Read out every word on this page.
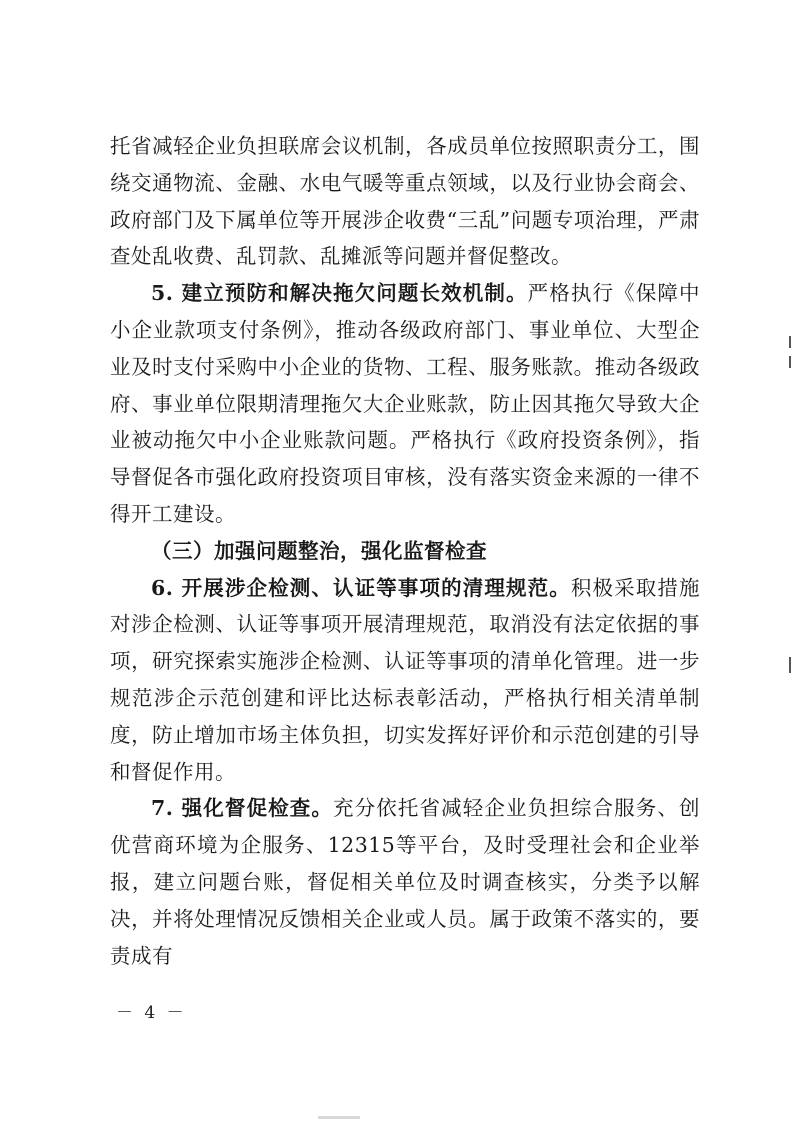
托省减轻企业负担联席会议机制，各成员单位按照职责分工，围绕交通物流、金融、水电气暖等重点领域，以及行业协会商会、政府部门及下属单位等开展涉企收费“三乱”问题专项治理，严肃查处乱收费、乱罚款、乱摊派等问题并督促整改。

5. 建立预防和解决拖欠问题长效机制。严格执行《保障中小企业款项支付条例》，推动各级政府部门、事业单位、大型企业及时支付采购中小企业的货物、工程、服务账款。推动各级政府、事业单位限期清理拖欠大企业账款，防止因其拖欠导致大企业被动拖欠中小企业账款问题。严格执行《政府投资条例》，指导督促各市强化政府投资项目审核，没有落实资金来源的一律不得开工建设。

（三）加强问题整治，强化监督检查

6. 开展涉企检测、认证等事项的清理规范。积极采取措施对涉企检测、认证等事项开展清理规范，取消没有法定依据的事项，研究探索实施涉企检测、认证等事项的清单化管理。进一步规范涉企示范创建和评比达标表彰活动，严格执行相关清单制度，防止增加市场主体负担，切实发挥好评价和示范创建的引导和督促作用。

7. 强化督促检查。充分依托省减轻企业负担综合服务、创优营商环境为企服务、12315等平台，及时受理社会和企业举报，建立问题台账，督促相关单位及时调查核实，分类予以解决，并将处理情况反馈相关企业或人员。属于政策不落实的，要责成有

－ 4 －
